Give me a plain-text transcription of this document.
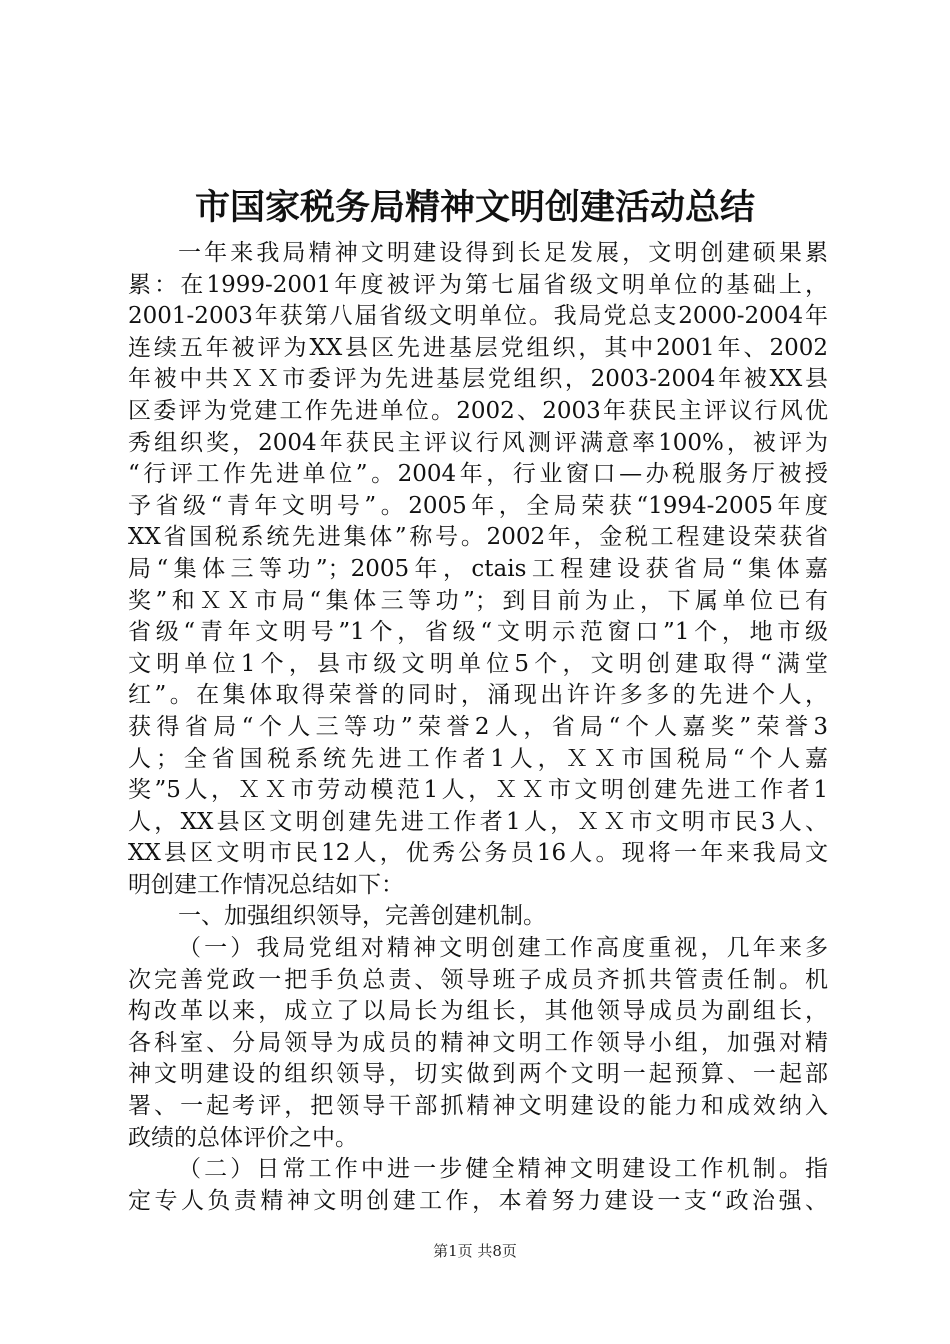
市国家税务局精神文明创建活动总结
一年来我局精神文明建设得到长足发展，文明创建硕果累
累：在1999-2001年度被评为第七届省级文明单位的基础上，
2001-2003年获第八届省级文明单位。我局党总支2000-2004年
连续五年被评为XX县区先进基层党组织，其中2001年、2002
年被中共ＸＸ市委评为先进基层党组织，2003-2004年被XX县
区委评为党建工作先进单位。2002、2003年获民主评议行风优
秀组织奖，2004年获民主评议行风测评满意率100%，被评为
“行评工作先进单位”。2004年，行业窗口—办税服务厅被授
予省级“青年文明号”。2005年，全局荣获“1994-2005年度
XX省国税系统先进集体”称号。2002年，金税工程建设荣获省
局“集体三等功”；2005年，ctais工程建设获省局“集体嘉
奖”和ＸＸ市局“集体三等功”；到目前为止，下属单位已有
省级“青年文明号”1个，省级“文明示范窗口”1个，地市级
文明单位1个，县市级文明单位5个，文明创建取得“满堂
红”。在集体取得荣誉的同时，涌现出许许多多的先进个人，
获得省局“个人三等功”荣誉2人，省局“个人嘉奖”荣誉3
人；全省国税系统先进工作者1人，ＸＸ市国税局“个人嘉
奖”5人，ＸＸ市劳动模范1人，ＸＸ市文明创建先进工作者1
人，XX县区文明创建先进工作者1人，ＸＸ市文明市民3人、
XX县区文明市民12人，优秀公务员16人。现将一年来我局文
明创建工作情况总结如下：
一、加强组织领导，完善创建机制。
（一）我局党组对精神文明创建工作高度重视，几年来多
次完善党政一把手负总责、领导班子成员齐抓共管责任制。机
构改革以来，成立了以局长为组长，其他领导成员为副组长，
各科室、分局领导为成员的精神文明工作领导小组，加强对精
神文明建设的组织领导，切实做到两个文明一起预算、一起部
署、一起考评，把领导干部抓精神文明建设的能力和成效纳入
政绩的总体评价之中。
（二）日常工作中进一步健全精神文明建设工作机制。指
定专人负责精神文明创建工作，本着努力建设一支“政治强、
第1页 共8页
